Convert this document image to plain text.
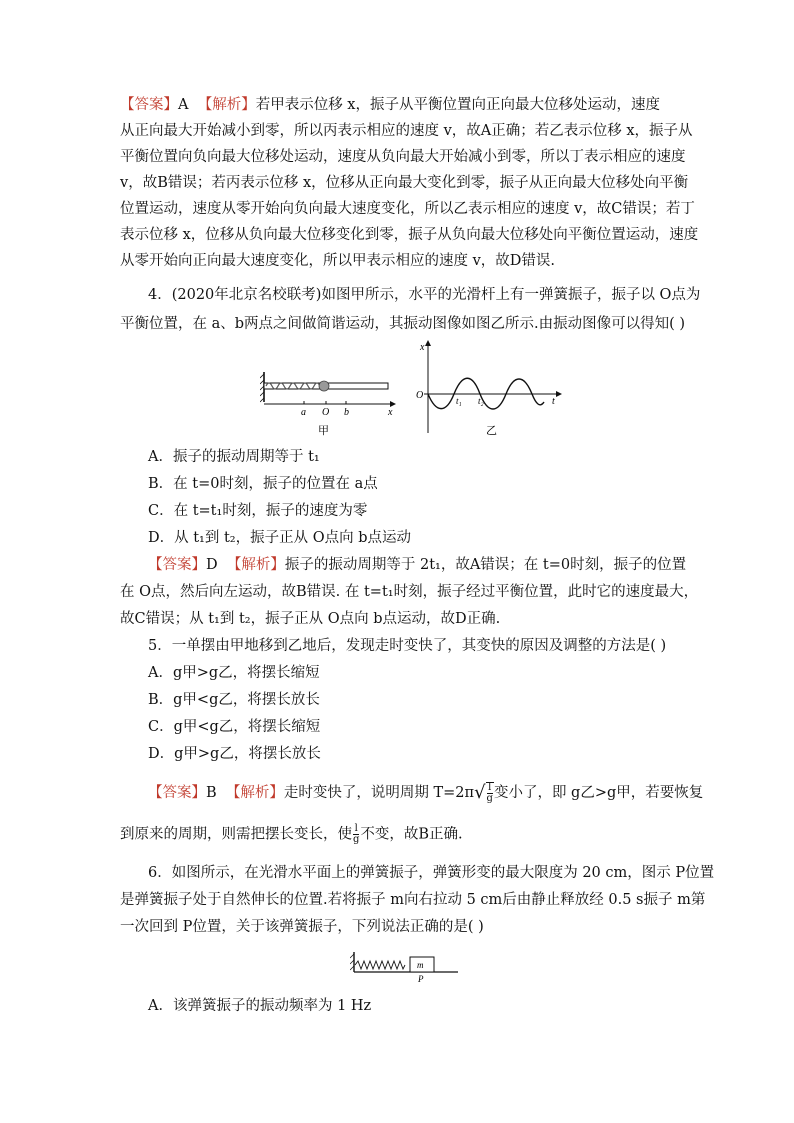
【答案】A 【解析】若甲表示位移 x，振子从平衡位置向正向最大位移处运动，速度
从正向最大开始减小到零，所以丙表示相应的速度 v，故A正确；若乙表示位移 x，振子从
平衡位置向负向最大位移处运动，速度从负向最大开始减小到零，所以丁表示相应的速度
v，故B错误；若丙表示位移 x，位移从正向最大变化到零，振子从正向最大位移处向平衡
位置运动，速度从零开始向负向最大速度变化，所以乙表示相应的速度 v，故C错误；若丁
表示位移 x，位移从负向最大位移变化到零，振子从负向最大位移处向平衡位置运动，速度
从零开始向正向最大速度变化，所以甲表示相应的速度 v，故D错误.
4．(2020年北京名校联考)如图甲所示，水平的光滑杆上有一弹簧振子，振子以 O点为
平衡位置，在 a、b两点之间做简谐运动，其振动图像如图乙所示.由振动图像可以得知( )
a O b	x
甲
x
O	t₁ t₂	t
乙
A．振子的振动周期等于 t₁
B．在 t=0时刻，振子的位置在 a点
C．在 t=t₁时刻，振子的速度为零
D．从 t₁到 t₂，振子正从 O点向 b点运动
【答案】D 【解析】振子的振动周期等于 2t₁，故A错误；在 t=0时刻，振子的位置
在 O点，然后向左运动，故B错误. 在 t=t₁时刻，振子经过平衡位置，此时它的速度最大，
故C错误；从 t₁到 t₂，振子正从 O点向 b点运动，故D正确.
5．一单摆由甲地移到乙地后，发现走时变快了，其变快的原因及调整的方法是( )
A．g甲>g乙，将摆长缩短
B．g甲<g乙，将摆长放长
C．g甲<g乙，将摆长缩短
D．g甲>g乙，将摆长放长
【答案】B 【解析】走时变快了，说明周期 $T=2\pi√ \frac{l}{g}$ 变小了，即 g乙>g甲，若要恢复
到原来的周期，则需把摆长变长，使 $\frac{l}{g}$ 不变，故B正确.
6．如图所示，在光滑水平面上的弹簧振子，弹簧形变的最大限度为 20 cm，图示 P位置
是弹簧振子处于自然伸长的位置.若将振子 m向右拉动 5 cm后由静止释放经 0.5 s振子 m第
一次回到 P位置，关于该弹簧振子，下列说法正确的是( )
m
P
A．该弹簧振子的振动频率为 1 Hz
